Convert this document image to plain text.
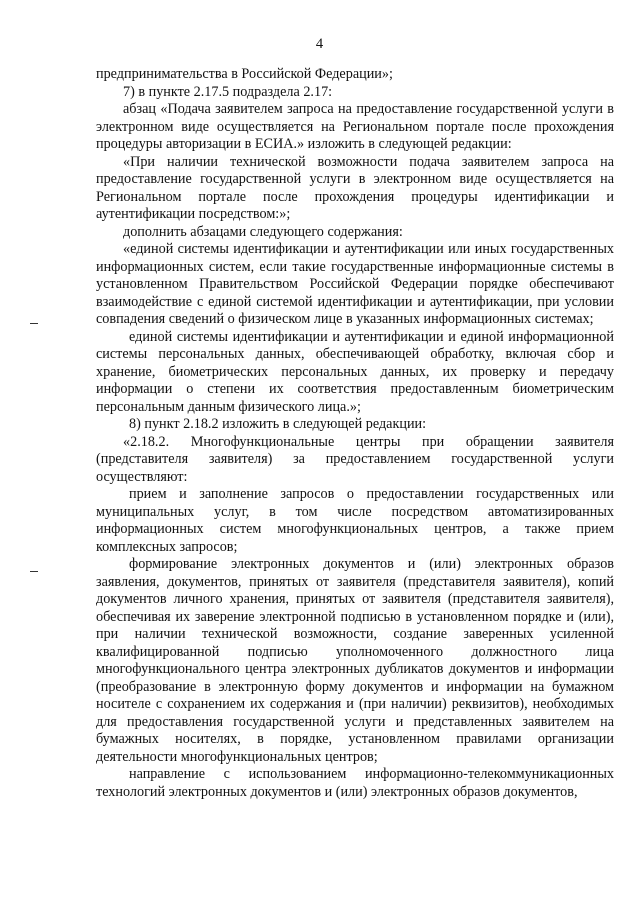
4

предпринимательства в Российской Федерации»;

7) в пункте 2.17.5 подраздела 2.17:

абзац «Подача заявителем запроса на предоставление государственной услуги в электронном виде осуществляется на Региональном портале после прохождения процедуры авторизации в ЕСИА.» изложить в следующей редакции:

«При наличии технической возможности подача заявителем запроса на предоставление государственной услуги в электронном виде осуществляется на Региональном портале после прохождения процедуры идентификации и аутентификации посредством:»;

дополнить абзацами следующего содержания:

«единой системы идентификации и аутентификации или иных государственных информационных систем, если такие государственные информационные системы в установленном Правительством Российской Федерации порядке обеспечивают взаимодействие с единой системой идентификации и аутентификации, при условии совпадения сведений о физическом лице в указанных информационных системах;

единой системы идентификации и аутентификации и единой информационной системы персональных данных, обеспечивающей обработку, включая сбор и хранение, биометрических персональных данных, их проверку и передачу информации о степени их соответствия предоставленным биометрическим персональным данным физического лица.»;

8) пункт 2.18.2 изложить в следующей редакции:

«2.18.2. Многофункциональные центры при обращении заявителя (представителя заявителя) за предоставлением государственной услуги осуществляют:

прием и заполнение запросов о предоставлении государственных или муниципальных услуг, в том числе посредством автоматизированных информационных систем многофункциональных центров, а также прием комплексных запросов;

формирование электронных документов и (или) электронных образов заявления, документов, принятых от заявителя (представителя заявителя), копий документов личного хранения, принятых от заявителя (представителя заявителя), обеспечивая их заверение электронной подписью в установленном порядке и (или), при наличии технической возможности, создание заверенных усиленной квалифицированной подписью уполномоченного должностного лица многофункционального центра электронных дубликатов документов и информации (преобразование в электронную форму документов и информации на бумажном носителе с сохранением их содержания и (при наличии) реквизитов), необходимых для предоставления государственной услуги и представленных заявителем на бумажных носителях, в порядке, установленном правилами организации деятельности многофункциональных центров;

направление с использованием информационно-телекоммуникационных технологий электронных документов и (или) электронных образов документов,
